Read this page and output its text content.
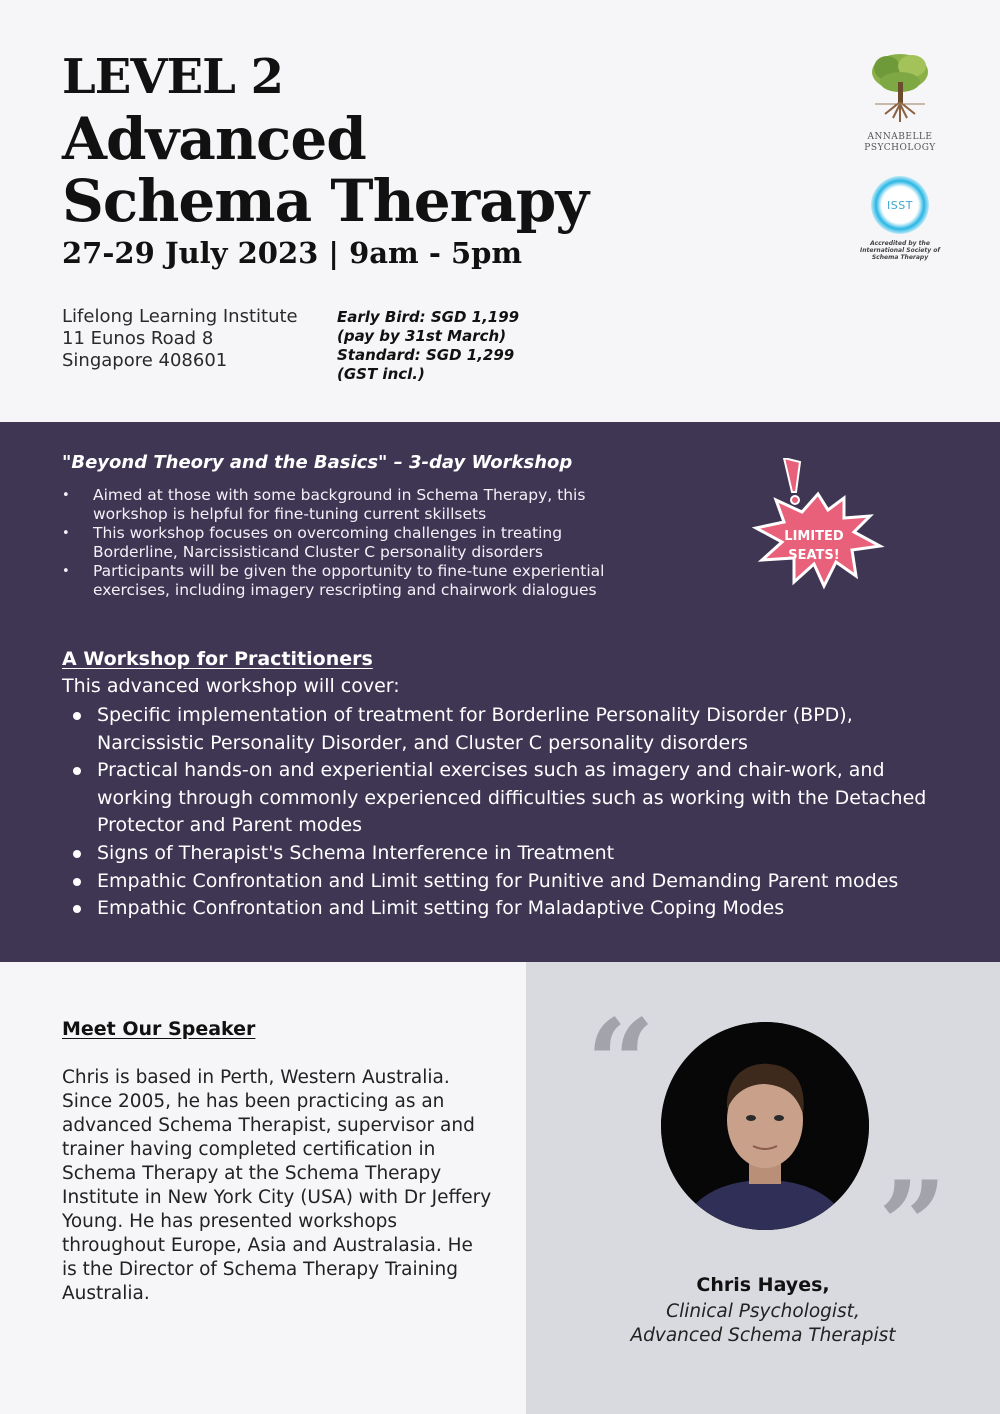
LEVEL 2
Advanced
Schema Therapy
27-29 July 2023 | 9am - 5pm
Lifelong Learning Institute
11 Eunos Road 8
Singapore 408601
Early Bird: SGD 1,199
(pay by 31st March)
Standard: SGD 1,299
(GST incl.)
ANNABELLE
PSYCHOLOGY
ISST
Accredited by the
International Society of
Schema Therapy
"Beyond Theory and the Basics" – 3-day Workshop
• Aimed at those with some background in Schema Therapy, this workshop is helpful for fine-tuning current skillsets
• This workshop focuses on overcoming challenges in treating Borderline, Narcissisticand Cluster C personality disorders
• Participants will be given the opportunity to fine-tune experiential exercises, including imagery rescripting and chairwork dialogues
LIMITED
SEATS!
A Workshop for Practitioners
This advanced workshop will cover:
Specific implementation of treatment for Borderline Personality Disorder (BPD), Narcissistic Personality Disorder, and Cluster C personality disorders
Practical hands-on and experiential exercises such as imagery and chair-work, and working through commonly experienced difficulties such as working with the Detached Protector and Parent modes
Signs of Therapist's Schema Interference in Treatment
Empathic Confrontation and Limit setting for Punitive and Demanding Parent modes
Empathic Confrontation and Limit setting for Maladaptive Coping Modes
Meet Our Speaker
Chris is based in Perth, Western Australia. Since 2005, he has been practicing as an advanced Schema Therapist, supervisor and trainer having completed certification in Schema Therapy at the Schema Therapy Institute in New York City (USA) with Dr Jeffery Young. He has presented workshops throughout Europe, Asia and Australasia. He is the Director of Schema Therapy Training Australia.
“
”
Chris Hayes,
Clinical Psychologist,
Advanced Schema Therapist
